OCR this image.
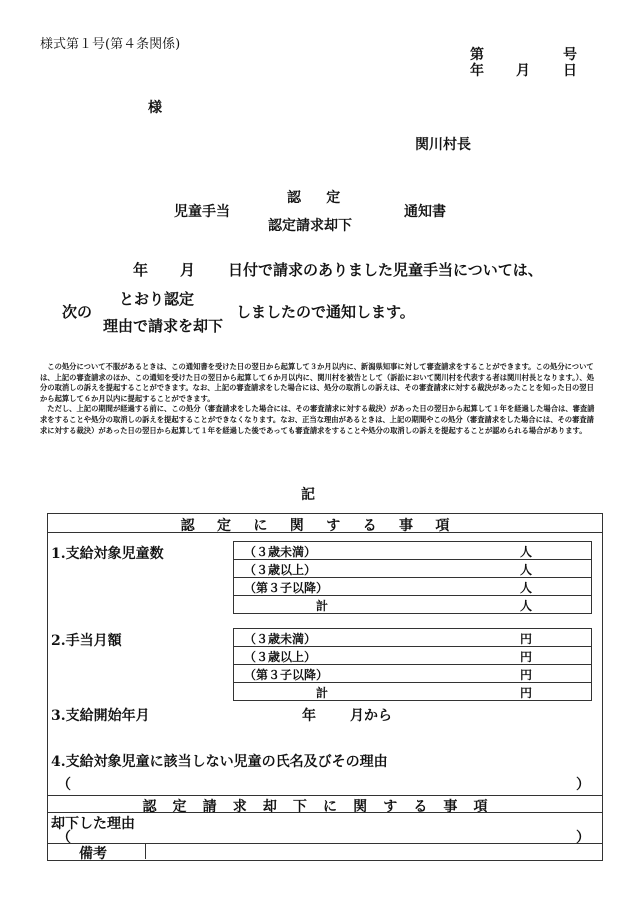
様式第１号(第４条関係)
第	号
年 月 日
様
関川村長
認　定
児童手当	通知書
認定請求却下
年 月 日付で請求のありました児童手当については、
とおり認定
次の	しましたので通知します。
理由で請求を却下

この処分について不服があるときは、この通知書を受けた日の翌日から起算して３か月以内に、新潟県知事に対して審査請求をすることができます。この処分については、上記の審査請求のほか、この通知を受けた日の翌日から起算して６か月以内に、関川村を被告として（訴訟において関川村を代表する者は関川村長となります。）、処分の取消しの訴えを提起することができます。なお、上記の審査請求をした場合には、処分の取消しの訴えは、その審査請求に対する裁決があったことを知った日の翌日から起算して６か月以内に提起することができます。

ただし、上記の期間が経過する前に、この処分（審査請求をした場合には、その審査請求に対する裁決）があった日の翌日から起算して１年を経過した場合は、審査請求をすることや処分の取消しの訴えを提起することができなくなります。なお、正当な理由があるときは、上記の期間やこの処分（審査請求をした場合には、その審査請求に対する裁決）があった日の翌日から起算して１年を経過した後であっても審査請求をすることや処分の取消しの訴えを提起することが認められる場合があります。

記
認定に関する事項
1.支給対象児童数	（３歳未満）	人
（３歳以上）	人
（第３子以降）	人
計	人
2.手当月額	（３歳未満）	円
（３歳以上）	円
（第３子以降）	円
計	円
3.支給開始年月	年 月から
4.支給対象児童に該当しない児童の氏名及びその理由
（	）
認定請求却下に関する事項
却下した理由
（	）
備考
